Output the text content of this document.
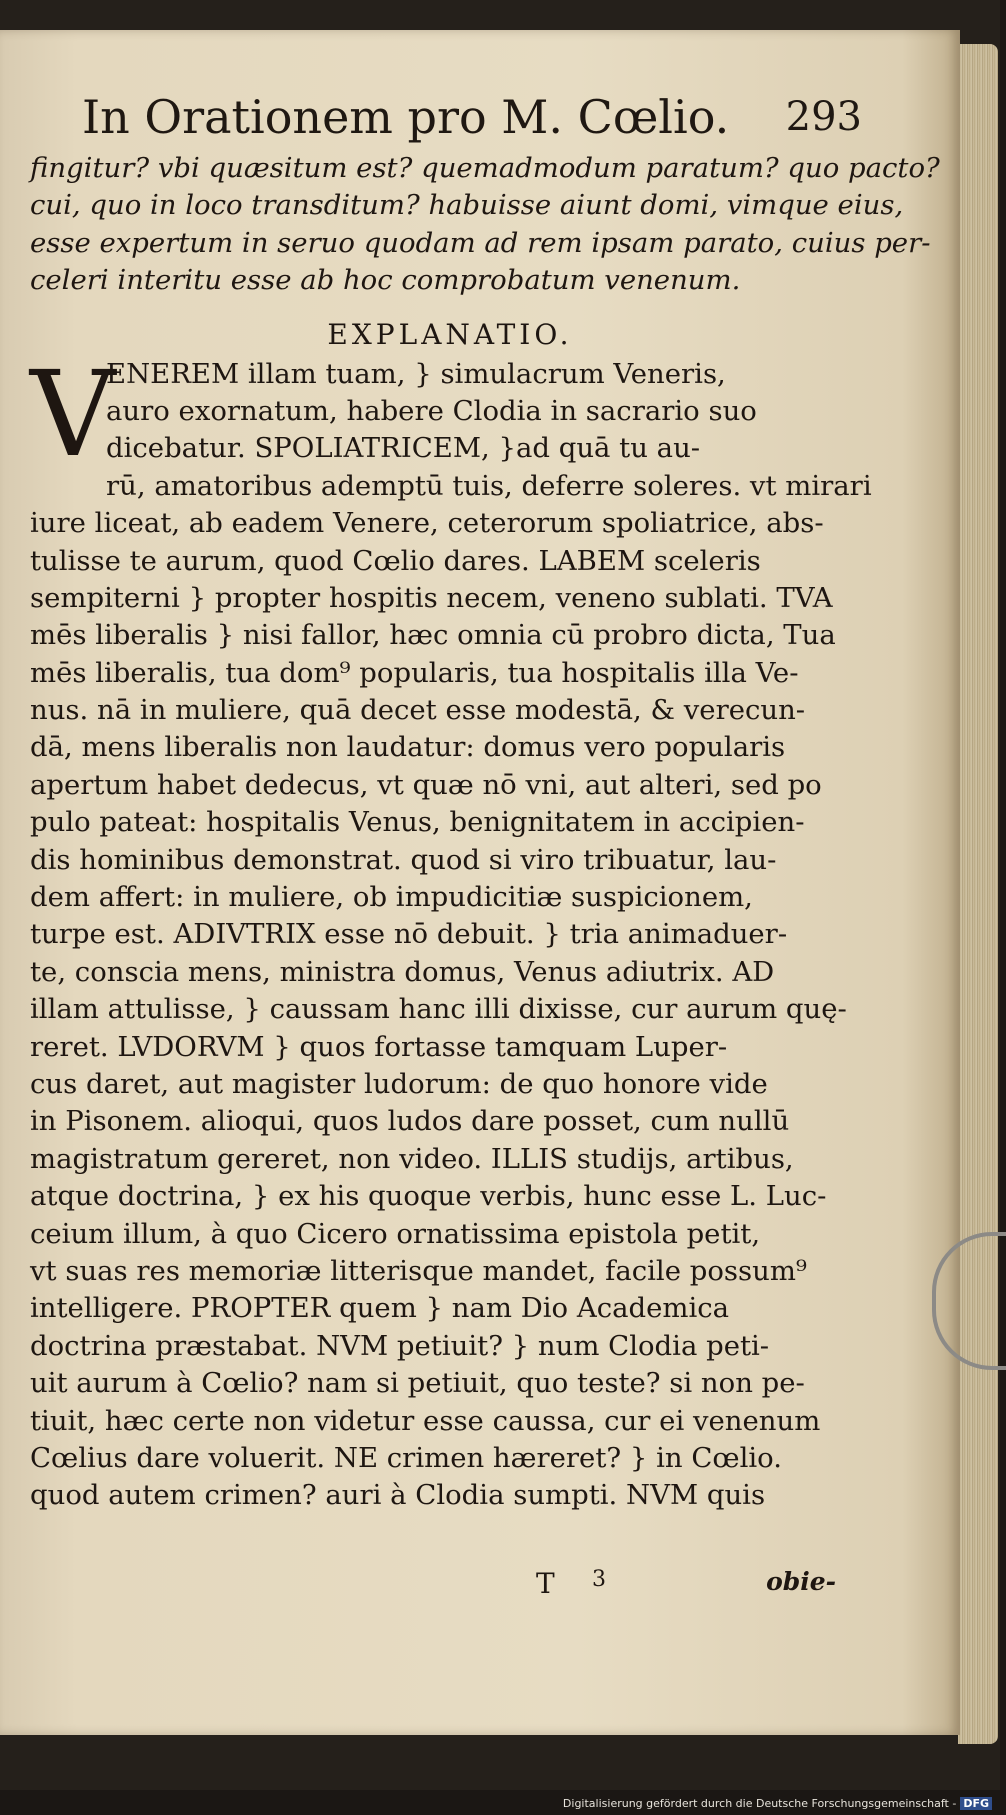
In Orationem pro M. Cœlio. 293
fingitur? vbi quæsitum est? quemadmodum paratum? quo pacto?
cui, quo in loco transditum? habuisse aiunt domi, vimque eius,
esse expertum in seruo quodam ad rem ipsam parato, cuius per-
celeri interitu esse ab hoc comprobatum venenum.
EXPLANATIO.
V
ENEREM illam tuam, } simulacrum Veneris,
auro exornatum, habere Clodia in sacrario suo
dicebatur. SPOLIATRICEM, }ad quā tu au-
rū, amatoribus ademptū tuis, deferre soleres. vt mirari
iure liceat, ab eadem Venere, ceterorum spoliatrice, abs-
tulisse te aurum, quod Cœlio dares. LABEM sceleris
sempiterni } propter hospitis necem, veneno sublati. TVA
mēs liberalis } nisi fallor, hæc omnia cū probro dicta, Tua
mēs liberalis, tua dom⁹ popularis, tua hospitalis illa Ve-
nus. nā in muliere, quā decet esse modestā, & verecun-
dā, mens liberalis non laudatur: domus vero popularis
apertum habet dedecus, vt quæ nō vni, aut alteri, sed po
pulo pateat: hospitalis Venus, benignitatem in accipien-
dis hominibus demonstrat. quod si viro tribuatur, lau-
dem affert: in muliere, ob impudicitiæ suspicionem,
turpe est. ADIVTRIX esse nō debuit. } tria animaduer-
te, conscia mens, ministra domus, Venus adiutrix. AD
illam attulisse, } caussam hanc illi dixisse, cur aurum quę-
reret. LVDORVM } quos fortasse tamquam Luper-
cus daret, aut magister ludorum: de quo honore vide
in Pisonem. alioqui, quos ludos dare posset, cum nullū
magistratum gereret, non video. ILLIS studijs, artibus,
atque doctrina, } ex his quoque verbis, hunc esse L. Luc-
ceium illum, à quo Cicero ornatissima epistola petit,
vt suas res memoriæ litterisque mandet, facile possum⁹
intelligere. PROPTER quem } nam Dio Academica
doctrina præstabat. NVM petiuit? } num Clodia peti-
uit aurum à Cœlio? nam si petiuit, quo teste? si non pe-
tiuit, hæc certe non videtur esse caussa, cur ei venenum
Cœlius dare voluerit. NE crimen hæreret? } in Cœlio.
quod autem crimen? auri à Clodia sumpti. NVM quis
T 3	obie-
Digitalisierung gefördert durch die Deutsche Forschungsgemeinschaft - DFG
